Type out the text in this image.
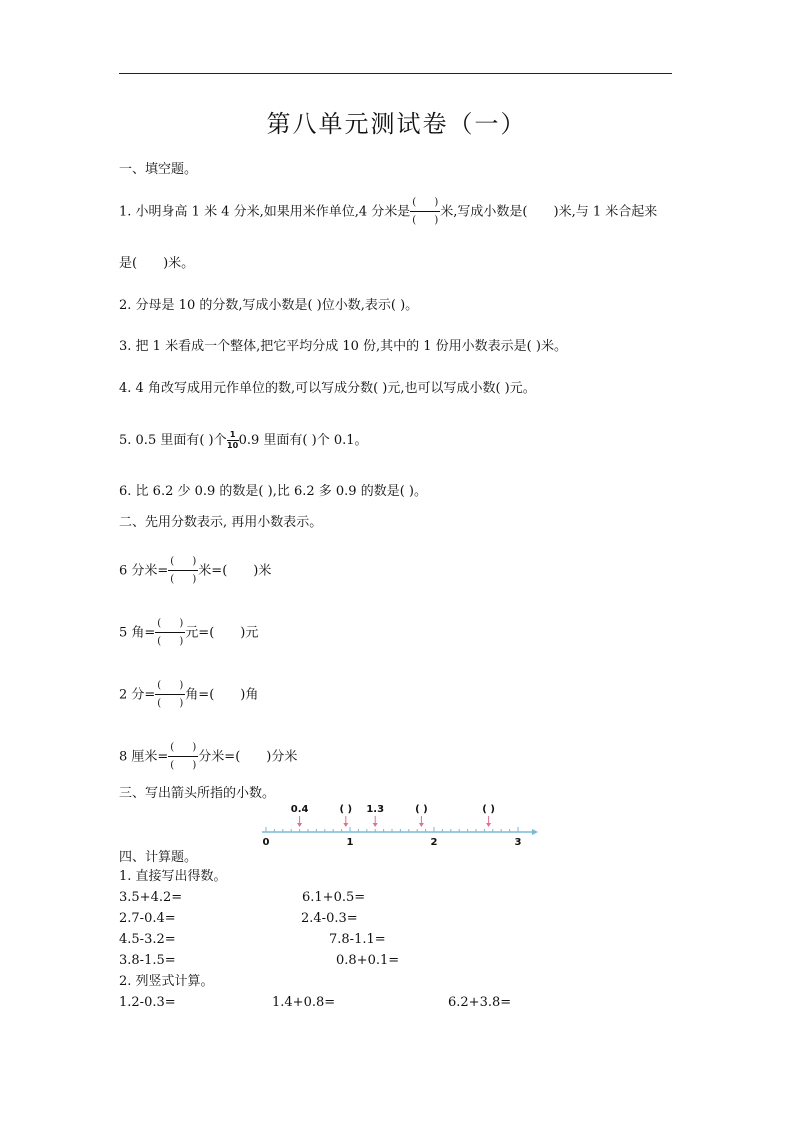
第八单元测试卷（一）
一、填空题。
1. 小明身高 1 米 4 分米,如果用米作单位,4 分米是
( )
( )
米,写成小数是( )米,与 1 米合起来
是( )米。
2. 分母是 10 的分数,写成小数是( )位小数,表示( )。
3. 把 1 米看成一个整体,把它平均分成 10 份,其中的 1 份用小数表示是( )米。
4. 4 角改写成用元作单位的数,可以写成分数( )元,也可以写成小数( )元。
5. 0.5 里面有( )个 $\frac{1}{10} 0.9$ 里面有( )个 0.1。
6. 比 6.2 少 0.9 的数是( ),比 6.2 多 0.9 的数是( )。
二、先用分数表示, 再用小数表示。
6 分米=
( )
( )
米=( )米
5 角=
( )
( )
元=( )元
2 分=
( )
( )
角=( )角
8 厘米=
( )
( )
分米=( )分米
三、写出箭头所指的小数。
0	1	2	3
0.4	( ) 1.3	( )	( )
四、计算题。
1. 直接写出得数。
3.5+4.2=	6.1+0.5=
2.7-0.4=	2.4-0.3=
4.5-3.2=	7.8-1.1=
3.8-1.5=	0.8+0.1=
2. 列竖式计算。
1.2-0.3=	1.4+0.8=	6.2+3.8=
